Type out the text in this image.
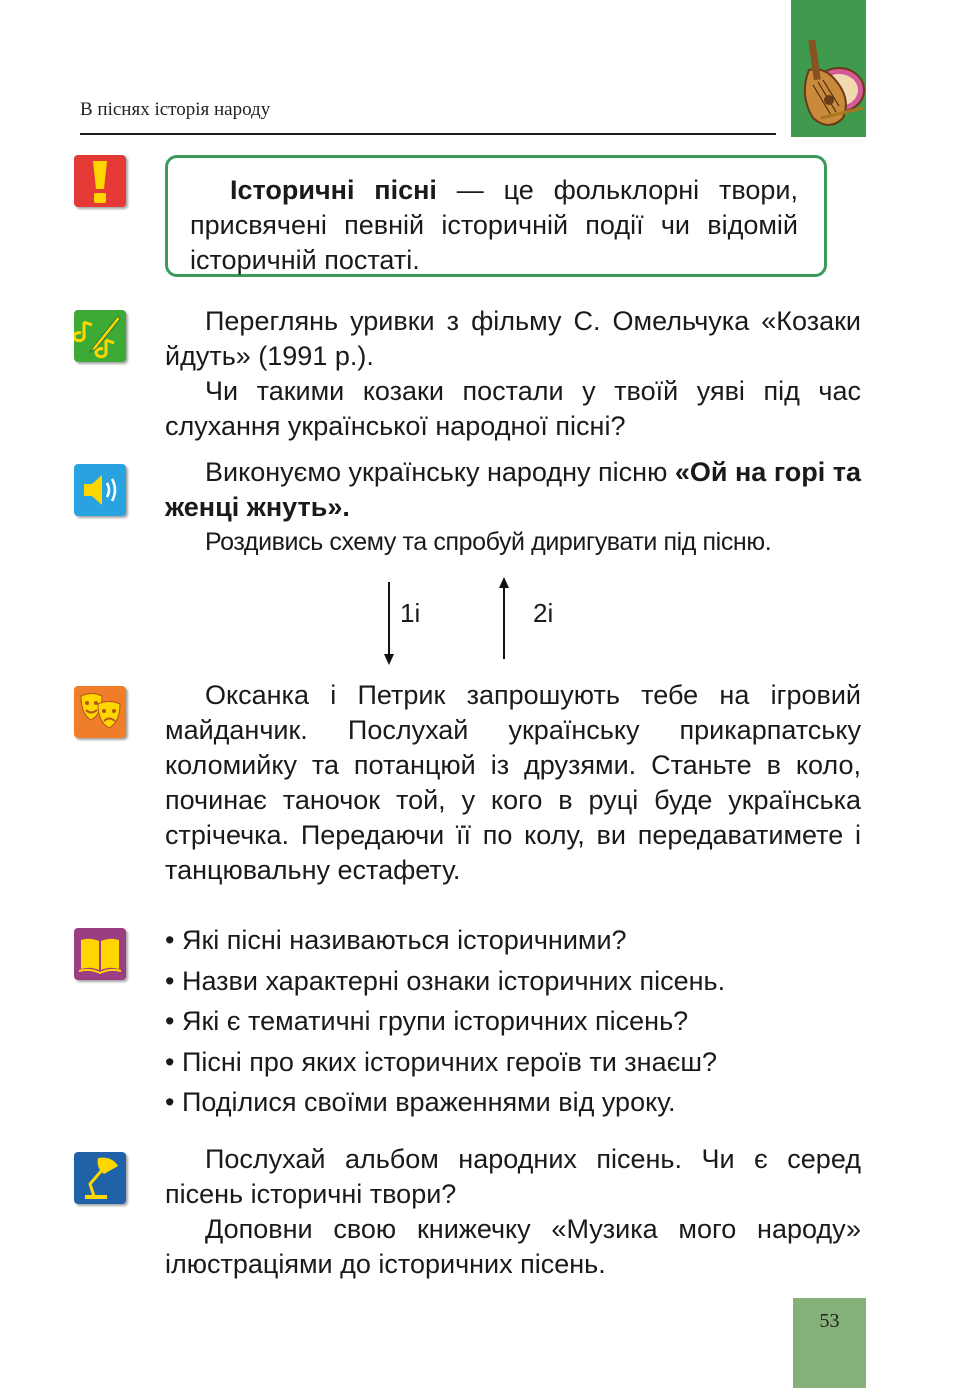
В піснях історія народу
Історичні пісні — це фольклорні твори, присвячені певній історичній події чи відомій історичній постаті.

Переглянь уривки з фільму С. Омельчука «Козаки йдуть» (1991 р.).

Чи такими козаки постали у твоїй уяві під час слухання української народної пісні?

Виконуємо українську народну пісню «Ой на горі та женці жнуть».

Роздивись схему та спробуй диригувати під пісню.

1і	2і

Оксанка і Петрик запрошують тебе на ігровий майданчик. Послухай українську прикарпатську коломийку та потанцюй із друзями. Станьте в коло, починає таночок той, у кого в руці буде українська стрічечка. Передаючи її по колу, ви передаватимете і танцювальну естафету.

• Які пісні називаються історичними?
• Назви характерні ознаки історичних пісень.
• Які є тематичні групи історичних пісень?
• Пісні про яких історичних героїв ти знаєш?
• Поділися своїми враженнями від уроку.

Послухай альбом народних пісень. Чи є серед пісень історичні твори?

Доповни свою книжечку «Музика мого народу» ілюстраціями до історичних пісень.

53
